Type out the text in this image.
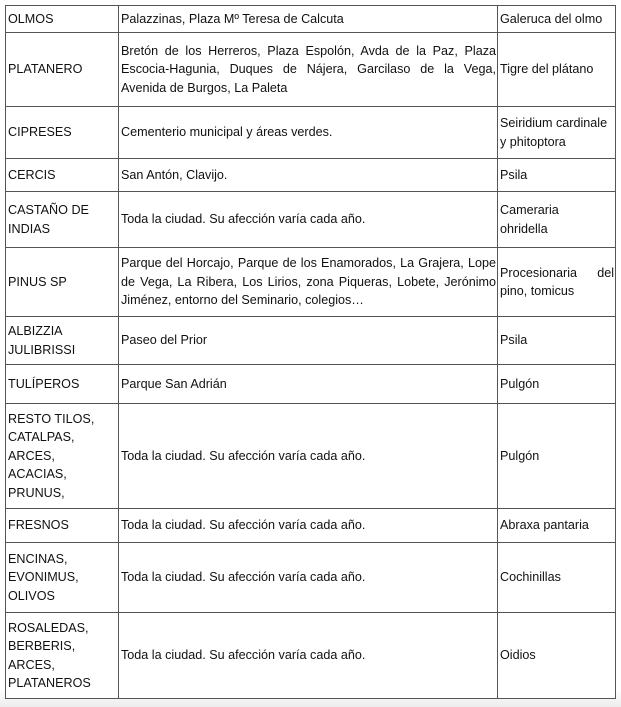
OLMOS	Palazzinas, Plaza Mº Teresa de Calcuta	Galeruca del olmo

PLATANERO	Bretón de los Herreros, Plaza Espolón, Avda de la Paz, Plaza Escocia-Hagunia, Duques de Nájera, Garcilaso de la Vega, Avenida de Burgos, La Paleta	Tigre del plátano

CIPRESES	Cementerio municipal y áreas verdes.	Seiridium cardinale
y phitoptora

CERCIS	San Antón, Clavijo.	Psila

CASTAÑO DE
INDIAS	Toda la ciudad. Su afección varía cada año.	Cameraria
ohridella

PINUS SP	Parque del Horcajo, Parque de los Enamorados, La Grajera, Lope de Vega, La Ribera, Los Lirios, zona Piqueras, Lobete, Jerónimo Jiménez, entorno del Seminario, colegios…	Procesionaria del pino, tomicus

ALBIZZIA
JULIBRISSI	Paseo del Prior	Psila

TULÍPEROS	Parque San Adrián	Pulgón

RESTO TILOS,
CATALPAS,
ARCES,
ACACIAS,
PRUNUS,	Toda la ciudad. Su afección varía cada año.	Pulgón

FRESNOS	Toda la ciudad. Su afección varía cada año.	Abraxa pantaria

ENCINAS,
EVONIMUS,
OLIVOS	Toda la ciudad. Su afección varía cada año.	Cochinillas

ROSALEDAS,
BERBERIS,
ARCES,
PLATANEROS	Toda la ciudad. Su afección varía cada año.	Oidios
